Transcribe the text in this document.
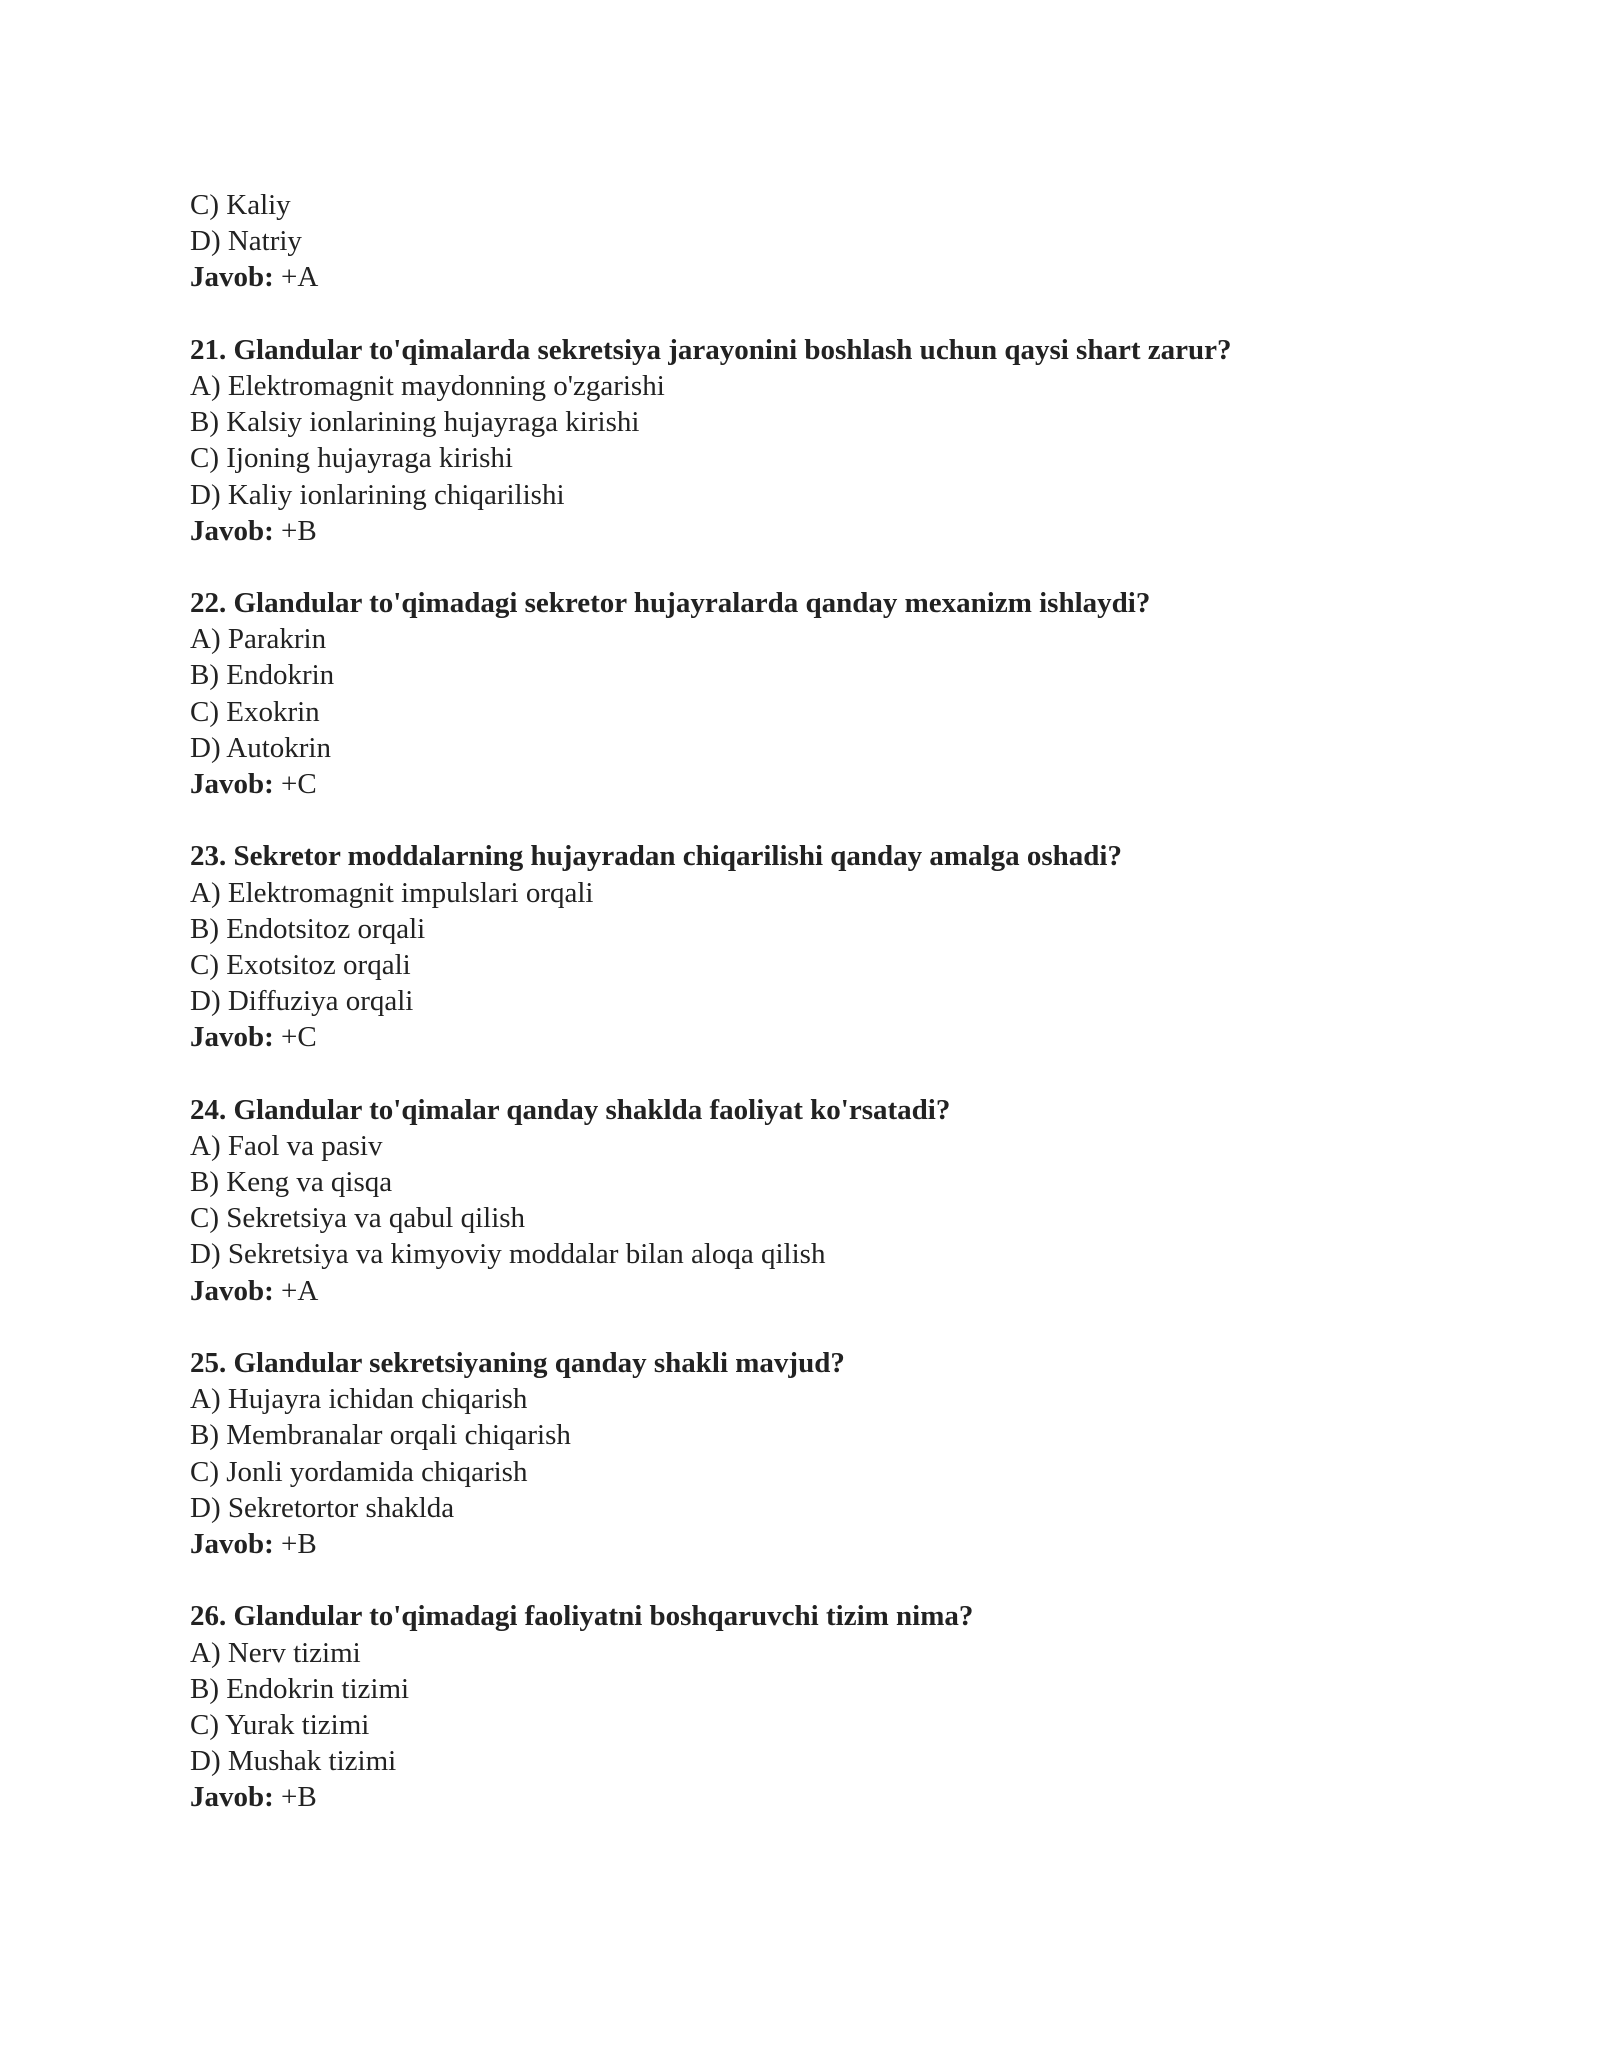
C) Kaliy
D) Natriy
Javob: +A
21. Glandular to'qimalarda sekretsiya jarayonini boshlash uchun qaysi shart zarur?
A) Elektromagnit maydonning o'zgarishi
B) Kalsiy ionlarining hujayraga kirishi
C) Ijoning hujayraga kirishi
D) Kaliy ionlarining chiqarilishi
Javob: +B
22. Glandular to'qimadagi sekretor hujayralarda qanday mexanizm ishlaydi?
A) Parakrin
B) Endokrin
C) Exokrin
D) Autokrin
Javob: +C
23. Sekretor moddalarning hujayradan chiqarilishi qanday amalga oshadi?
A) Elektromagnit impulslari orqali
B) Endotsitoz orqali
C) Exotsitoz orqali
D) Diffuziya orqali
Javob: +C
24. Glandular to'qimalar qanday shaklda faoliyat ko'rsatadi?
A) Faol va pasiv
B) Keng va qisqa
C) Sekretsiya va qabul qilish
D) Sekretsiya va kimyoviy moddalar bilan aloqa qilish
Javob: +A
25. Glandular sekretsiyaning qanday shakli mavjud?
A) Hujayra ichidan chiqarish
B) Membranalar orqali chiqarish
C) Jonli yordamida chiqarish
D) Sekretortor shaklda
Javob: +B
26. Glandular to'qimadagi faoliyatni boshqaruvchi tizim nima?
A) Nerv tizimi
B) Endokrin tizimi
C) Yurak tizimi
D) Mushak tizimi
Javob: +B
